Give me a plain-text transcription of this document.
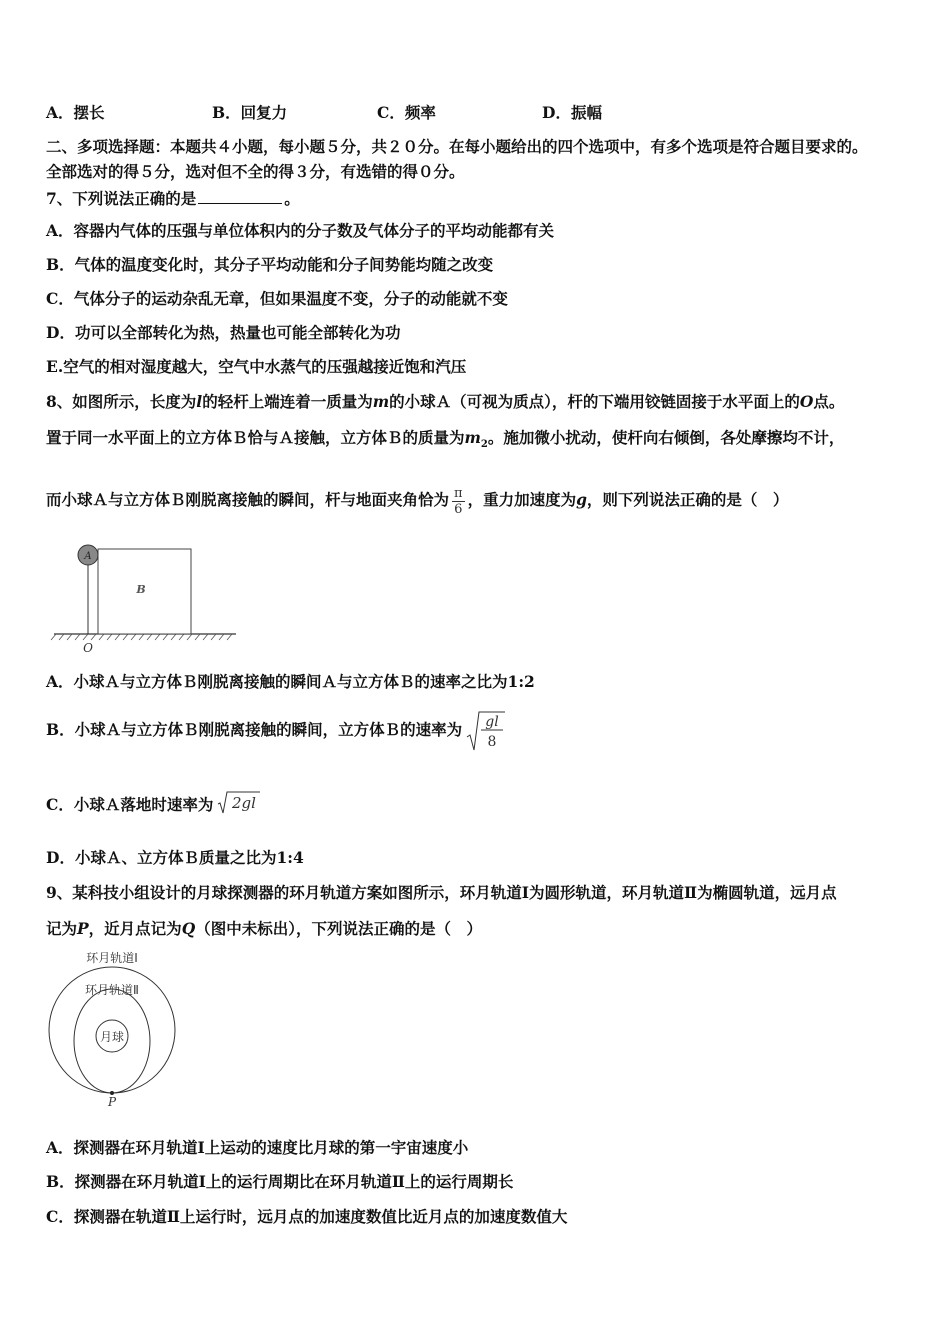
A．摆长	B．回复力	C．频率	D．振幅
二、多项选择题：本题共４小题，每小题５分，共２０分。在每小题给出的四个选项中，有多个选项是符合题目要求的。
全部选对的得５分，选对但不全的得３分，有选错的得０分。
7、下列说法正确的是	。
A．容器内气体的压强与单位体积内的分子数及气体分子的平均动能都有关
B．气体的温度变化时，其分子平均动能和分子间势能均随之改变
C．气体分子的运动杂乱无章，但如果温度不变，分子的动能就不变
D．功可以全部转化为热，热量也可能全部转化为功
E.空气的相对湿度越大，空气中水蒸气的压强越接近饱和汽压
8、如图所示，长度为l的轻杆上端连着一质量为m的小球Ａ（可视为质点），杆的下端用铰链固接于水平面上的O点。
置于同一水平面上的立方体Ｂ恰与Ａ接触，立方体Ｂ的质量为$m_2$。施加微小扰动，使杆向右倾倒，各处摩擦均不计，
而小球Ａ与立方体Ｂ刚脱离接触的瞬间，杆与地面夹角恰为 $\frac{\pi}{6}$ ，重力加速度为g，则下列说法正确的是（　）
A
B
O
A．小球Ａ与立方体Ｂ刚脱离接触的瞬间Ａ与立方体Ｂ的速率之比为1:2
B．小球Ａ与立方体Ｂ刚脱离接触的瞬间，立方体Ｂ的速率为 gl
8
C．小球Ａ落地时速率为 2gl
D．小球Ａ、立方体Ｂ质量之比为1:4
9、某科技小组设计的月球探测器的环月轨道方案如图所示，环月轨道Ⅰ为圆形轨道，环月轨道Ⅱ为椭圆轨道，远月点
记为P，近月点记为Q（图中未标出），下列说法正确的是（　）
环月轨道Ⅰ
环月轨道Ⅱ
月球
P
A．探测器在环月轨道Ⅰ上运动的速度比月球的第一宇宙速度小
B．探测器在环月轨道Ⅰ上的运行周期比在环月轨道Ⅱ上的运行周期长
C．探测器在轨道Ⅱ上运行时，远月点的加速度数值比近月点的加速度数值大
